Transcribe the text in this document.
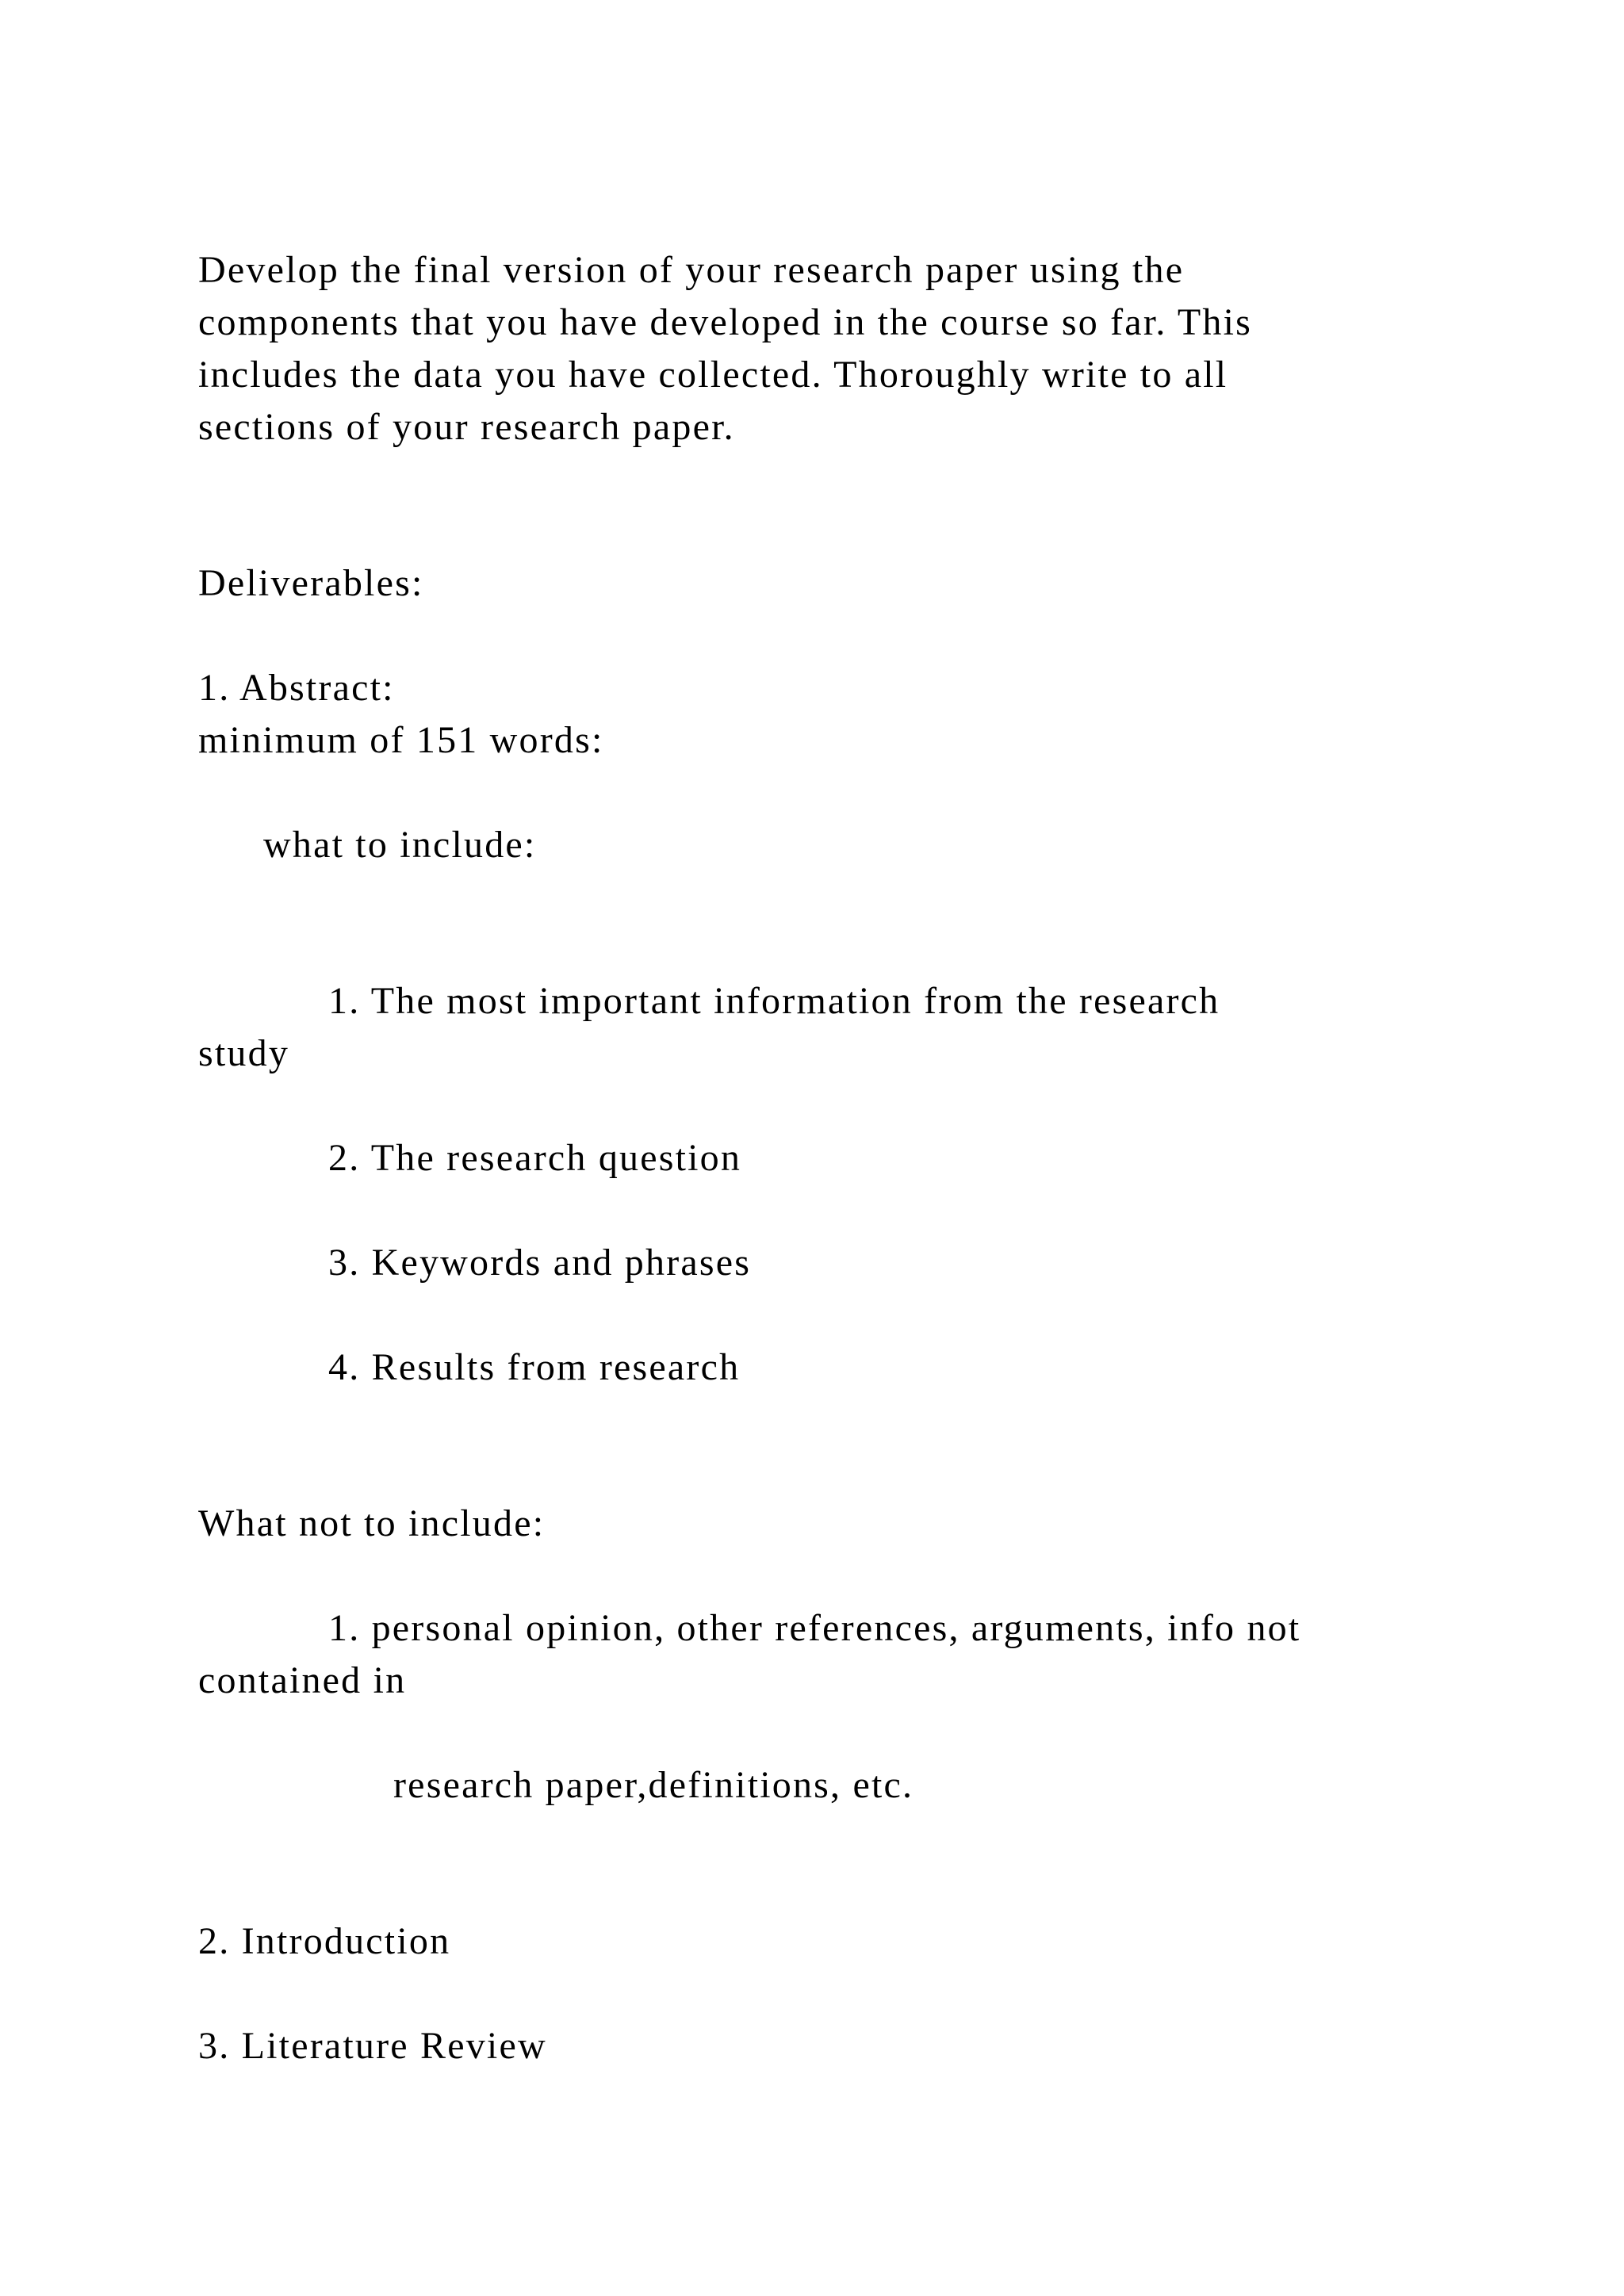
Develop the final version of your research paper using the

components that you have developed in the course so far. This

includes the data you have collected. Thoroughly write to all

sections of your research paper.

Deliverables:

1. Abstract:

minimum of 151 words:

what to include:

1. The most important information from the research

study

2. The research question

3. Keywords and phrases

4. Results from research

What not to include:

1. personal opinion, other references, arguments, info not

contained in

research paper,definitions, etc.

2. Introduction

3. Literature Review
